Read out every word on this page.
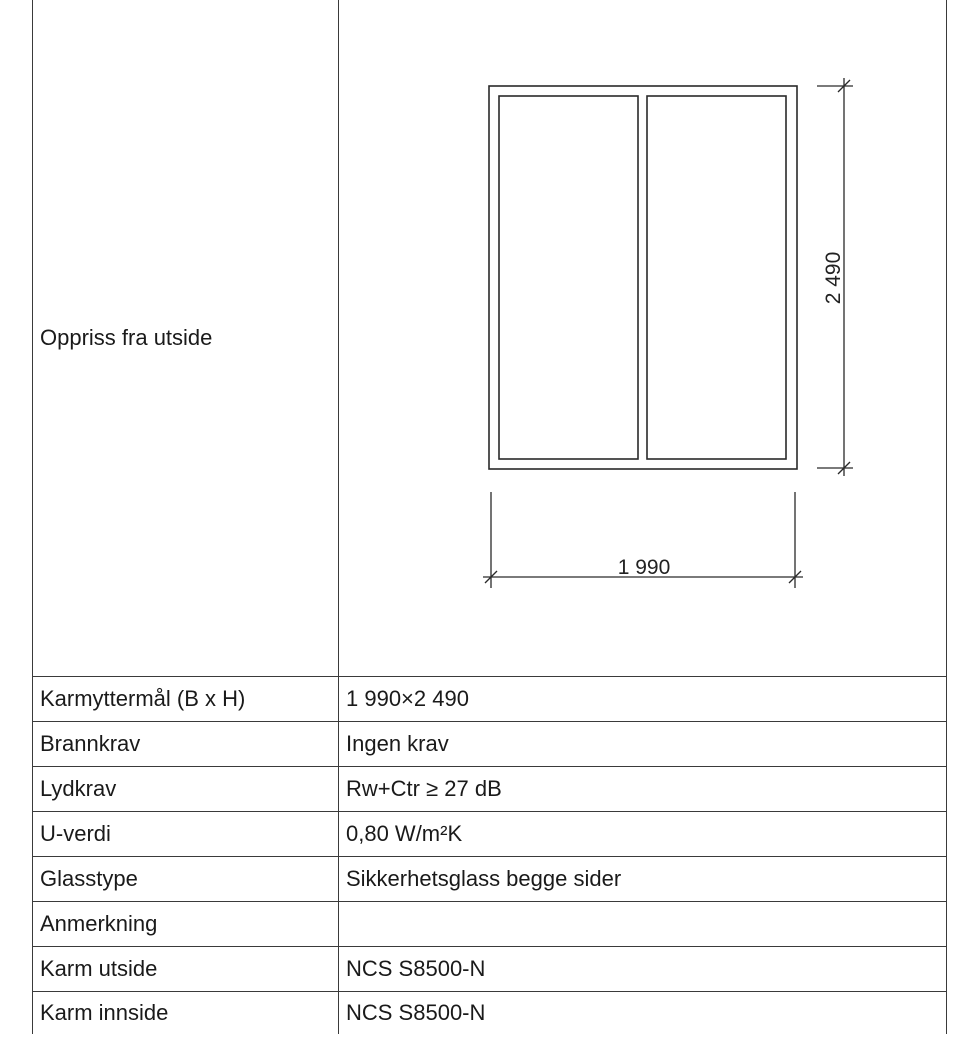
Oppriss fra utside	2 490
1 990

Karmyttermål (B x H)	1 990×2 490
Brannkrav	Ingen krav
Lydkrav	Rw+Ctr ≥ 27 dB
U-verdi	0,80 W/m²K
Glasstype	Sikkerhetsglass begge sider
Anmerkning	
Karm utside	NCS S8500-N
Karm innside	NCS S8500-N
